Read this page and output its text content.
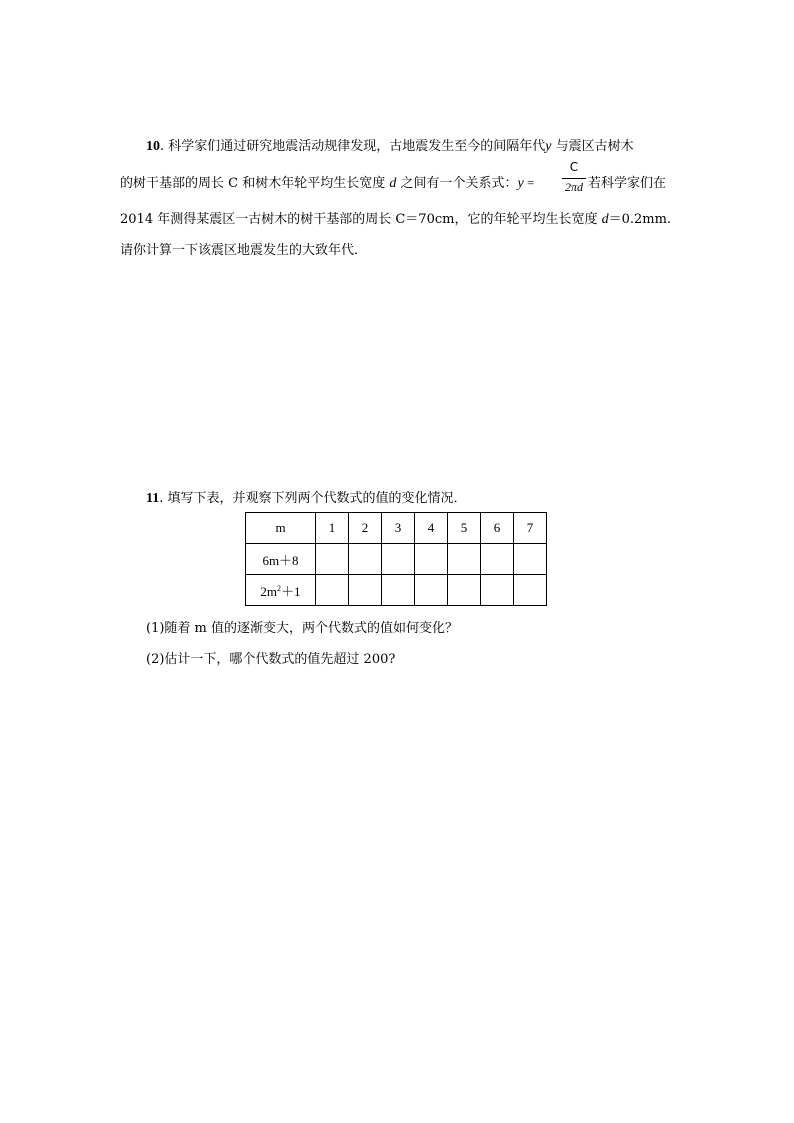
10. 科学家们通过研究地震活动规律发现，古地震发生至今的间隔年代y 与震区古树木
的树干基部的周长 C 和树木年轮平均生长宽度 d 之间有一个关系式：y =
C
2πd 若科学家们在
2014 年测得某震区一古树木的树干基部的周长 C＝70cm，它的年轮平均生长宽度 d＝0.2mm.
请你计算一下该震区地震发生的大致年代．
11. 填写下表，并观察下列两个代数式的值的变化情况．
m	1	2	3	4	5	6	7
6m＋8							
$2m^2+1$							
(1)随着 m 值的逐渐变大，两个代数式的值如何变化？
(2)估计一下，哪个代数式的值先超过 200?
